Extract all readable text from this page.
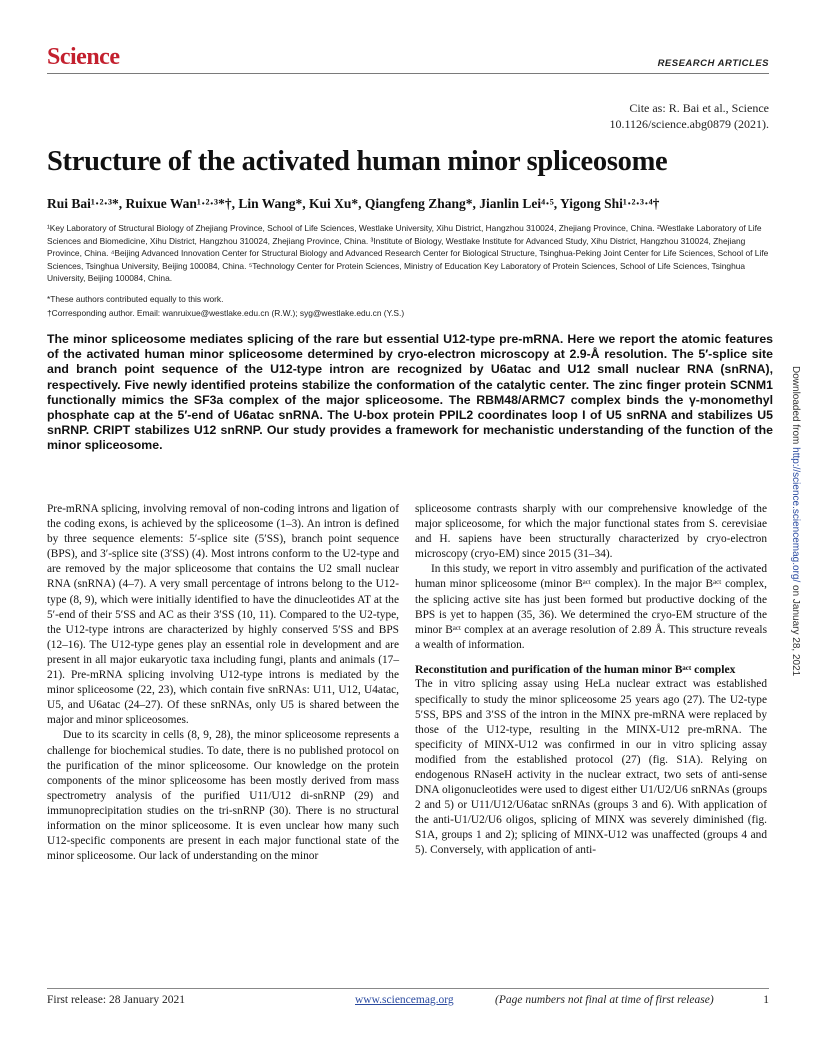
Science	RESEARCH ARTICLES
Cite as: R. Bai et al., Science
10.1126/science.abg0879 (2021).
Structure of the activated human minor spliceosome
Rui Bai¹·²·³*, Ruixue Wan¹·²·³*†, Lin Wang*, Kui Xu*, Qiangfeng Zhang*, Jianlin Lei⁴·⁵, Yigong Shi¹·²·³·⁴†

¹Key Laboratory of Structural Biology of Zhejiang Province, School of Life Sciences, Westlake University, Xihu District, Hangzhou 310024, Zhejiang Province, China. ²Westlake Laboratory of Life Sciences and Biomedicine, Xihu District, Hangzhou 310024, Zhejiang Province, China. ³Institute of Biology, Westlake Institute for Advanced Study, Xihu District, Hangzhou 310024, Zhejiang Province, China. ⁴Beijing Advanced Innovation Center for Structural Biology and Advanced Research Center for Biological Structure, Tsinghua-Peking Joint Center for Life Sciences, School of Life Sciences, Tsinghua University, Beijing 100084, China. ⁵Technology Center for Protein Sciences, Ministry of Education Key Laboratory of Protein Sciences, School of Life Sciences, Tsinghua University, Beijing 100084, China.

*These authors contributed equally to this work.

†Corresponding author. Email: wanruixue@westlake.edu.cn (R.W.); syg@westlake.edu.cn (Y.S.)

The minor spliceosome mediates splicing of the rare but essential U12-type pre-mRNA. Here we report the atomic features of the activated human minor spliceosome determined by cryo-electron microscopy at 2.9-Å resolution. The 5′-splice site and branch point sequence of the U12-type intron are recognized by U6atac and U12 small nuclear RNA (snRNA), respectively. Five newly identified proteins stabilize the conformation of the catalytic center. The zinc finger protein SCNM1 functionally mimics the SF3a complex of the major spliceosome. The RBM48/ARMC7 complex binds the γ-monomethyl phosphate cap at the 5′-end of U6atac snRNA. The U-box protein PPIL2 coordinates loop I of U5 snRNA and stabilizes U5 snRNP. CRIPT stabilizes U12 snRNP. Our study provides a framework for mechanistic understanding of the function of the minor spliceosome.	Downloaded from http://science.sciencemag.org/ on January 28, 2021

Pre-mRNA splicing, involving removal of non-coding introns and ligation of the coding exons, is achieved by the spliceosome (1–3). An intron is defined by three sequence elements: 5′-splice site (5′SS), branch point sequence (BPS), and 3′-splice site (3′SS) (4). Most introns conform to the U2-type and are removed by the major spliceosome that contains the U2 small nuclear RNA (snRNA) (4–7). A very small percentage of introns belong to the U12-type (8, 9), which were initially identified to have the dinucleotides AT at the 5′-end of their 5′SS and AC as their 3′SS (10, 11). Compared to the U2-type, the U12-type introns are characterized by highly conserved 5′SS and BPS (12–16). The U12-type genes play an essential role in development and are present in all major eukaryotic taxa including fungi, plants and animals (17–21). Pre-mRNA splicing involving U12-type introns is mediated by the minor spliceosome (22, 23), which contain five snRNAs: U11, U12, U4atac, U5, and U6atac (24–27). Of these snRNAs, only U5 is shared between the major and minor spliceosomes.

Due to its scarcity in cells (8, 9, 28), the minor spliceosome represents a challenge for biochemical studies. To date, there is no published protocol on the purification of the minor spliceosome. Our knowledge on the protein components of the minor spliceosome has been mostly derived from mass spectrometry analysis of the purified U11/U12 di-snRNP (29) and immunoprecipitation studies on the tri-snRNP (30). There is no structural information on the minor spliceosome. It is even unclear how many such U12-specific components are present in each major functional state of the minor spliceosome. Our lack of understanding on the minor

spliceosome contrasts sharply with our comprehensive knowledge of the major spliceosome, for which the major functional states from S. cerevisiae and H. sapiens have been structurally characterized by cryo-electron microscopy (cryo-EM) since 2015 (31–34).

In this study, we report in vitro assembly and purification of the activated human minor spliceosome (minor Bᵃᶜᵗ complex). In the major Bᵃᶜᵗ complex, the splicing active site has just been formed but productive docking of the BPS is yet to happen (35, 36). We determined the cryo-EM structure of the minor Bᵃᶜᵗ complex at an average resolution of 2.89 Å. This structure reveals a wealth of information.

Reconstitution and purification of the human minor Bᵃᶜᵗ complex

The in vitro splicing assay using HeLa nuclear extract was established specifically to study the minor spliceosome 25 years ago (27). The U2-type 5′SS, BPS and 3′SS of the intron in the MINX pre-mRNA were replaced by those of the U12-type, resulting in the MINX-U12 pre-mRNA. The specificity of MINX-U12 was confirmed in our in vitro splicing assay modified from the established protocol (27) (fig. S1A). Relying on endogenous RNaseH activity in the nuclear extract, two sets of anti-sense DNA oligonucleotides were used to digest either U1/U2/U6 snRNAs (groups 2 and 5) or U11/U12/U6atac snRNAs (groups 3 and 6). With application of the anti-U1/U2/U6 oligos, splicing of MINX was severely diminished (fig. S1A, groups 1 and 2); splicing of MINX-U12 was unaffected (groups 4 and 5). Conversely, with application of anti-

First release: 28 January 2021	www.sciencemag.org	(Page numbers not final at time of first release)	1
